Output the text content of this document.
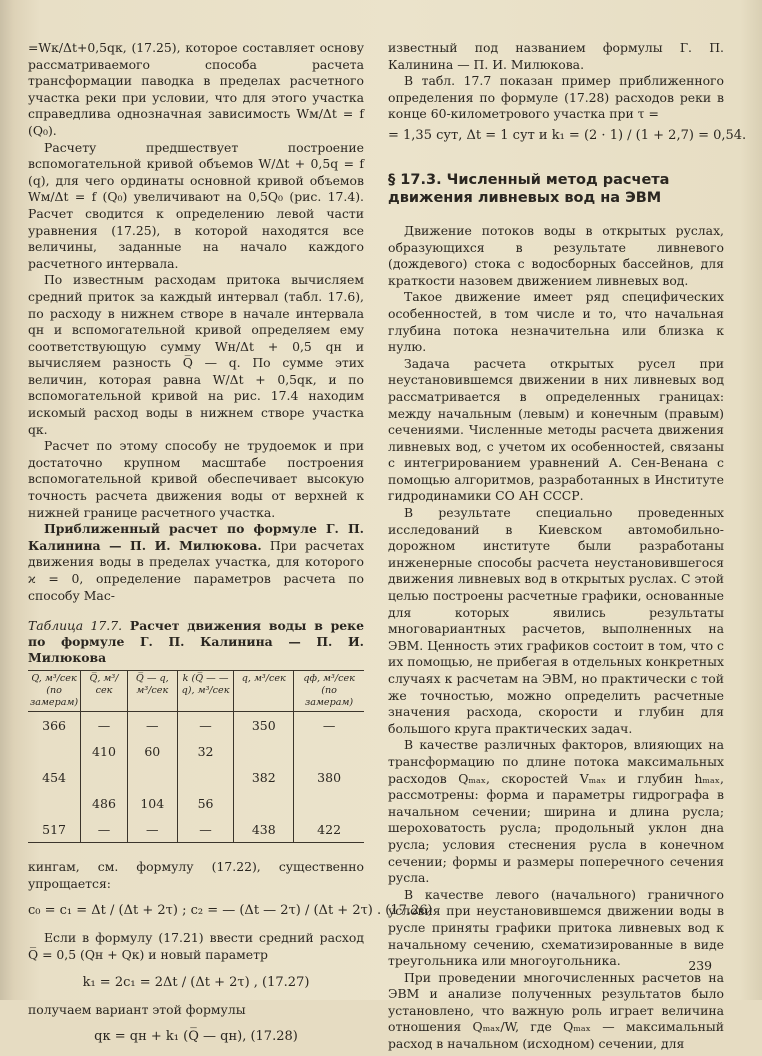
=Wк/Δt+0,5qк, (17.25), которое составляет основу рассматриваемого способа расчета трансформации паводка в пределах расчетного участка реки при условии, что для этого участка справедлива однозначная зависимость Wм/Δt = f (Q₀).

Расчету предшествует построение вспомогательной кривой объемов W/Δt + 0,5q = f (q), для чего ординаты основной кривой объемов Wм/Δt = f (Q₀) увеличивают на 0,5Q₀ (рис. 17.4). Расчет сводится к определению левой части уравнения (17.25), в которой находятся все величины, заданные на начало каждого расчетного интервала.

По известным расходам притока вычисляем средний приток за каждый интервал (табл. 17.6), по расходу в нижнем створе в начале интервала qн и вспомогательной кривой определяем ему соответствующую сумму Wн/Δt + 0,5 qн и вычисляем разность Q̅ — q. По сумме этих величин, которая равна W/Δt + 0,5qк, и по вспомогательной кривой на рис. 17.4 находим искомый расход воды в нижнем створе участка qк.

Расчет по этому способу не трудоемок и при достаточно крупном масштабе построения вспомогательной кривой обеспечивает высокую точность расчета движения воды от верхней к нижней границе расчетного участка.

Приближенный расчет по формуле Г. П. Калинина — П. И. Милюкова. При расчетах движения воды в пределах участка, для которого ϰ = 0, определение параметров расчета по способу Мас-

Таблица 17.7. Расчет движения воды в реке по формуле Г. П. Калинина — П. И. Милюкова
Q, м³/сек (по замерам)	Q̅, м³/сек	Q̅ — q, м³/сек	k (Q̅ — — q), м³/сек	q, м³/сек	qф, м³/сек (по замерам)
366	—	—	—	350	—
	410	60	32		
454				382	380
	486	104	56		
517	—	—	—	438	422

кингам, см. формулу (17.22), существенно упрощается:

c₀ = c₁ = Δt / (Δt + 2τ) ; c₂ = — (Δt — 2τ) / (Δt + 2τ) . (17.26)

Если в формулу (17.21) ввести средний расход Q̅ = 0,5 (Qн + Qк) и новый параметр

k₁ = 2c₁ = 2Δt / (Δt + 2τ) , (17.27)

получаем вариант этой формулы

qк = qн + k₁ (Q̅ — qн), (17.28)

известный под названием формулы Г. П. Калинина — П. И. Милюкова.

В табл. 17.7 показан пример приближенного определения по формуле (17.28) расходов реки в конце 60-километрового участка при τ =

= 1,35 сут, Δt = 1 сут и k₁ = (2 · 1) / (1 + 2,7) = 0,54.
§ 17.3. Численный метод расчета движения ливневых вод на ЭВМ

Движение потоков воды в открытых руслах, образующихся в результате ливневого (дождевого) стока с водосборных бассейнов, для краткости назовем движением ливневых вод.

Такое движение имеет ряд специфических особенностей, в том числе и то, что начальная глубина потока незначительна или близка к нулю.

Задача расчета открытых русел при неустановившемся движении в них ливневых вод рассматривается в определенных границах: между начальным (левым) и конечным (правым) сечениями. Численные методы расчета движения ливневых вод, с учетом их особенностей, связаны с интегрированием уравнений А. Сен-Венана с помощью алгоритмов, разработанных в Институте гидродинамики СО АН СССР.

В результате специально проведенных исследований в Киевском автомобильно-дорожном институте были разработаны инженерные способы расчета неустановившегося движения ливневых вод в открытых руслах. С этой целью построены расчетные графики, основанные для которых явились результаты многовариантных расчетов, выполненных на ЭВМ. Ценность этих графиков состоит в том, что с их помощью, не прибегая в отдельных конкретных случаях к расчетам на ЭВМ, но практически с той же точностью, можно определить расчетные значения расхода, скорости и глубин для большого круга практических задач.

В качестве различных факторов, влияющих на трансформацию по длине потока максимальных расходов Qₘₐₓ, скоростей Vₘₐₓ и глубин hₘₐₓ, рассмотрены: форма и параметры гидрографа в начальном сечении; ширина и длина русла; шероховатость русла; продольный уклон дна русла; условия стеснения русла в конечном сечении; формы и размеры поперечного сечения русла.

В качестве левого (начального) граничного условия при неустановившемся движении воды в русле приняты графики притока ливневых вод к начальному сечению, схематизированные в виде треугольника или многоугольника.

При проведении многочисленных расчетов на ЭВМ и анализе полученных результатов было установлено, что важную роль играет величина отношения Qₘₐₓ/W, где Qₘₐₓ — максимальный расход в начальном (исходном) сечении, для

239
